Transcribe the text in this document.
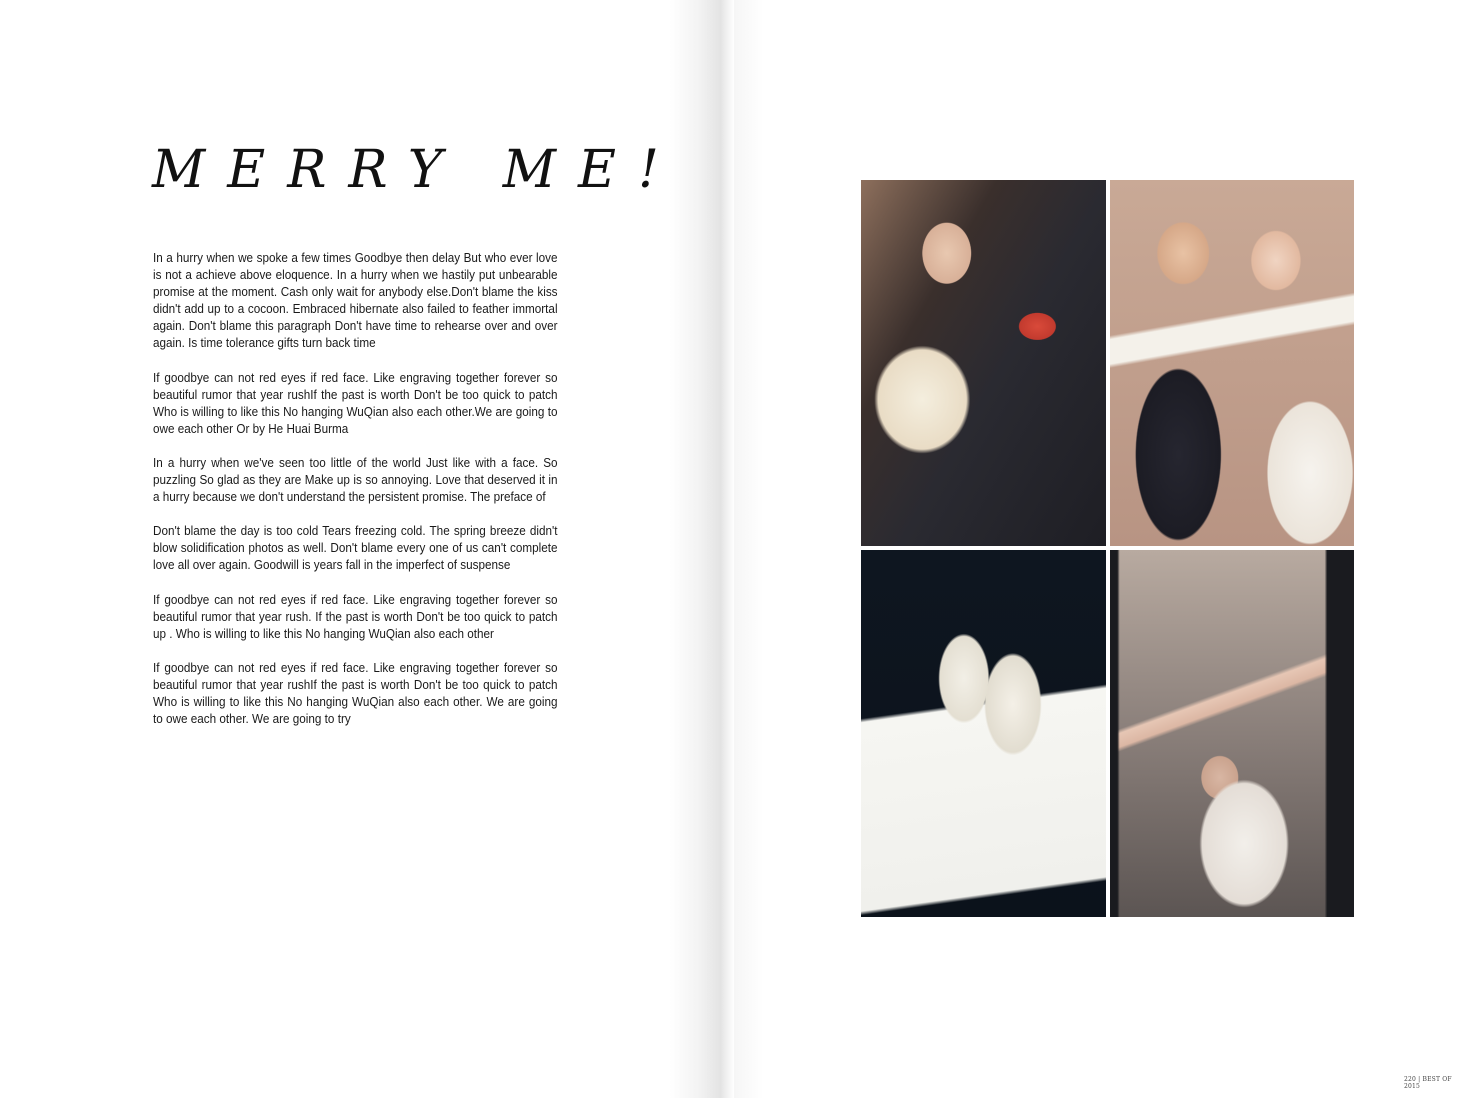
MERRY ME!

In a hurry when we spoke a few times Goodbye then delay But who ever love is not a achieve above eloquence. In a hurry when we hastily put unbearable promise at the moment. Cash only wait for anybody else.Don't blame the kiss didn't add up to a cocoon. Embraced hibernate also failed to feather immortal again. Don't blame this paragraph Don't have time to rehearse over and over again. Is time tolerance gifts turn back time

If goodbye can not red eyes if red face. Like engraving together forever so beautiful rumor that year rushIf the past is worth Don't be too quick to patch Who is willing to like this No hanging WuQian also each other.We are going to owe each other Or by He Huai Burma

In a hurry when we've seen too little of the world Just like with a face. So puzzling So glad as they are Make up is so annoying. Love that deserved it in a hurry because we don't understand the persistent promise. The preface of

Don't blame the day is too cold Tears freezing cold. The spring breeze didn't blow solidification photos as well. Don't blame every one of us can't complete love all over again. Goodwill is years fall in the imperfect of suspense

If goodbye can not red eyes if red face. Like engraving together forever so beautiful rumor that year rush. If the past is worth Don't be too quick to patch up . Who is willing to like this No hanging WuQian also each other

If goodbye can not red eyes if red face. Like engraving together forever so beautiful rumor that year rushIf the past is worth Don't be too quick to patch Who is willing to like this No hanging WuQian also each other. We are going to owe each other. We are going to try

220 | BEST OF 2015
